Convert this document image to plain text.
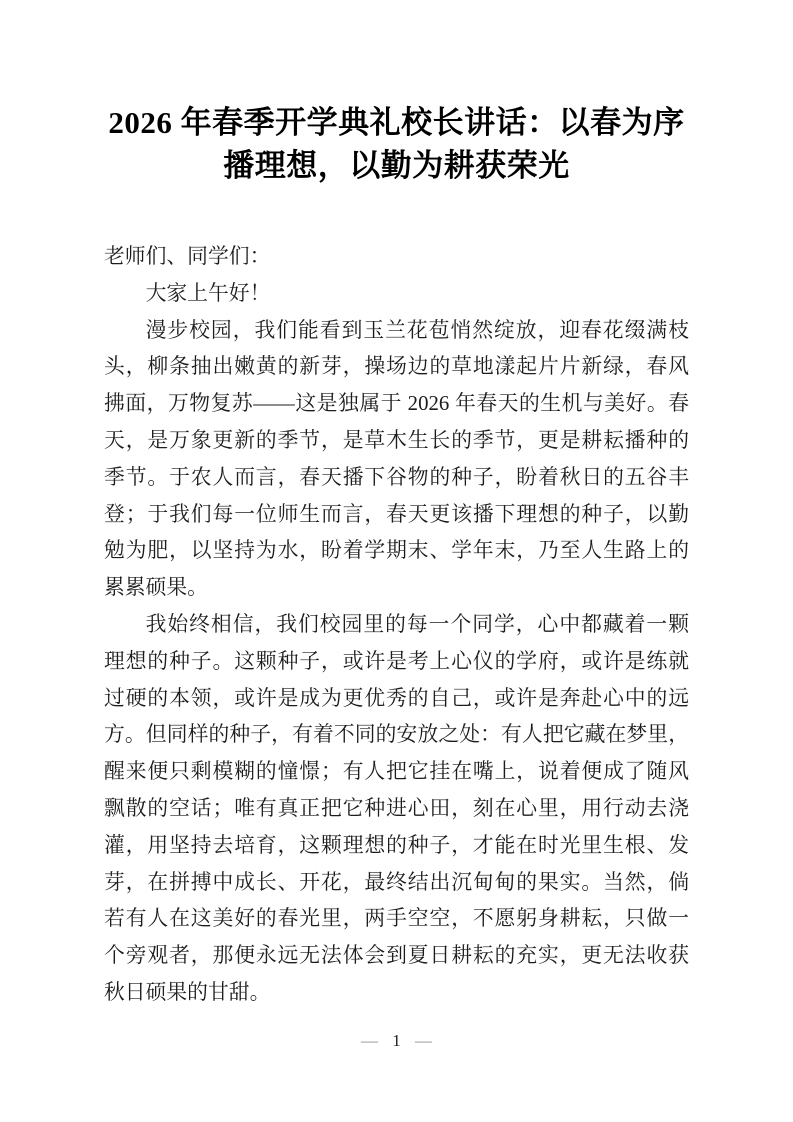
2026 年春季开学典礼校长讲话：以春为序
播理想，以勤为耕获荣光
老师们、同学们：
大家上午好！
漫步校园，我们能看到玉兰花苞悄然绽放，迎春花缀满枝
头，柳条抽出嫩黄的新芽，操场边的草地漾起片片新绿，春风
拂面，万物复苏——这是独属于 2026 年春天的生机与美好。春
天，是万象更新的季节，是草木生长的季节，更是耕耘播种的
季节。于农人而言，春天播下谷物的种子，盼着秋日的五谷丰
登；于我们每一位师生而言，春天更该播下理想的种子，以勤
勉为肥，以坚持为水，盼着学期末、学年末，乃至人生路上的
累累硕果。
我始终相信，我们校园里的每一个同学，心中都藏着一颗
理想的种子。这颗种子，或许是考上心仪的学府，或许是练就
过硬的本领，或许是成为更优秀的自己，或许是奔赴心中的远
方。但同样的种子，有着不同的安放之处：有人把它藏在梦里，
醒来便只剩模糊的憧憬；有人把它挂在嘴上，说着便成了随风
飘散的空话；唯有真正把它种进心田，刻在心里，用行动去浇
灌，用坚持去培育，这颗理想的种子，才能在时光里生根、发
芽，在拼搏中成长、开花，最终结出沉甸甸的果实。当然，倘
若有人在这美好的春光里，两手空空，不愿躬身耕耘，只做一
个旁观者，那便永远无法体会到夏日耕耘的充实，更无法收获
秋日硕果的甘甜。
— 1 —
